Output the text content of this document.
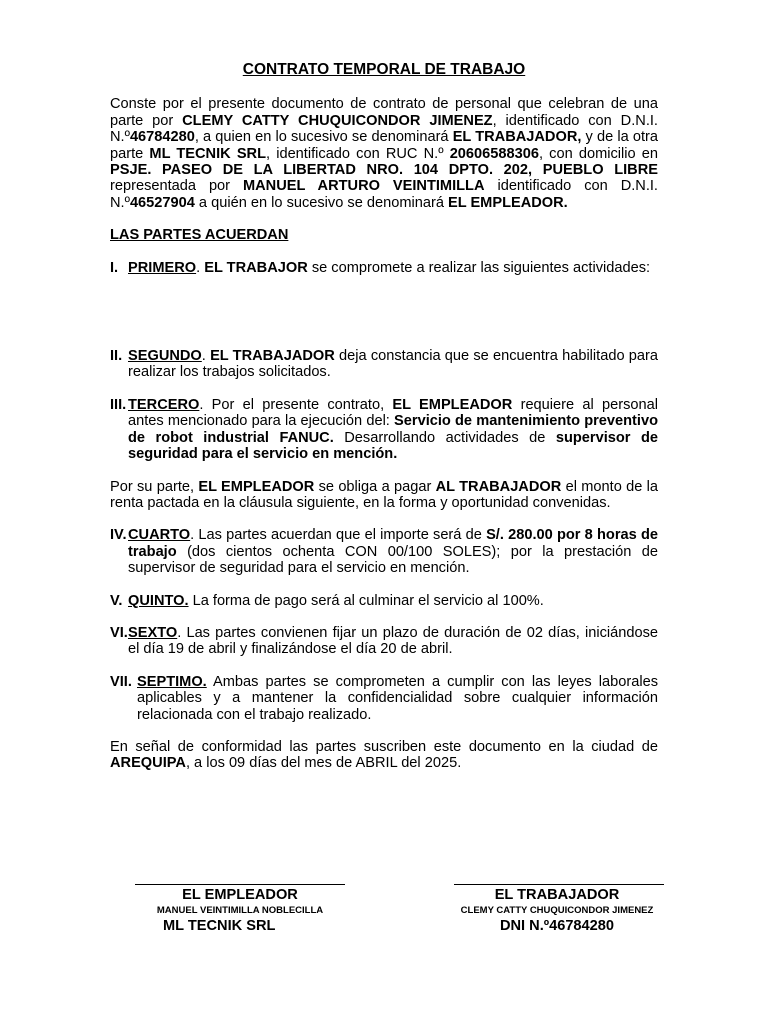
CONTRATO TEMPORAL DE TRABAJO

Conste por el presente documento de contrato de personal que celebran de una parte por CLEMY CATTY CHUQUICONDOR JIMENEZ, identificado con D.N.I. N.º46784280, a quien en lo sucesivo se denominará EL TRABAJADOR, y de la otra parte ML TECNIK SRL, identificado con RUC N.º 20606588306, con domicilio en PSJE. PASEO DE LA LIBERTAD NRO. 104 DPTO. 202, PUEBLO LIBRE representada por MANUEL ARTURO VEINTIMILLA identificado con D.N.I. N.º46527904 a quién en lo sucesivo se denominará EL EMPLEADOR.

LAS PARTES ACUERDAN
I. PRIMERO. EL TRABAJOR se compromete a realizar las siguientes actividades:
II. SEGUNDO. EL TRABAJADOR deja constancia que se encuentra habilitado para realizar los trabajos solicitados.
III. TERCERO. Por el presente contrato, EL EMPLEADOR requiere al personal antes mencionado para la ejecución del: Servicio de mantenimiento preventivo de robot industrial FANUC. Desarrollando actividades de supervisor de seguridad para el servicio en mención.

Por su parte, EL EMPLEADOR se obliga a pagar AL TRABAJADOR el monto de la renta pactada en la cláusula siguiente, en la forma y oportunidad convenidas.

IV. CUARTO. Las partes acuerdan que el importe será de S/. 280.00 por 8 horas de trabajo (dos cientos ochenta CON 00/100 SOLES); por la prestación de supervisor de seguridad para el servicio en mención.
V. QUINTO. La forma de pago será al culminar el servicio al 100%.
VI. SEXTO. Las partes convienen fijar un plazo de duración de 02 días, iniciándose el día 19 de abril y finalizándose el día 20 de abril.
VII. SEPTIMO. Ambas partes se comprometen a cumplir con las leyes laborales aplicables y a mantener la confidencialidad sobre cualquier información relacionada con el trabajo realizado.

En señal de conformidad las partes suscriben este documento en la ciudad de AREQUIPA, a los 09 días del mes de ABRIL del 2025.

EL EMPLEADOR
MANUEL VEINTIMILLA NOBLECILLA
ML TECNIK SRL
EL TRABAJADOR
CLEMY CATTY CHUQUICONDOR JIMENEZ
DNI N.º46784280
